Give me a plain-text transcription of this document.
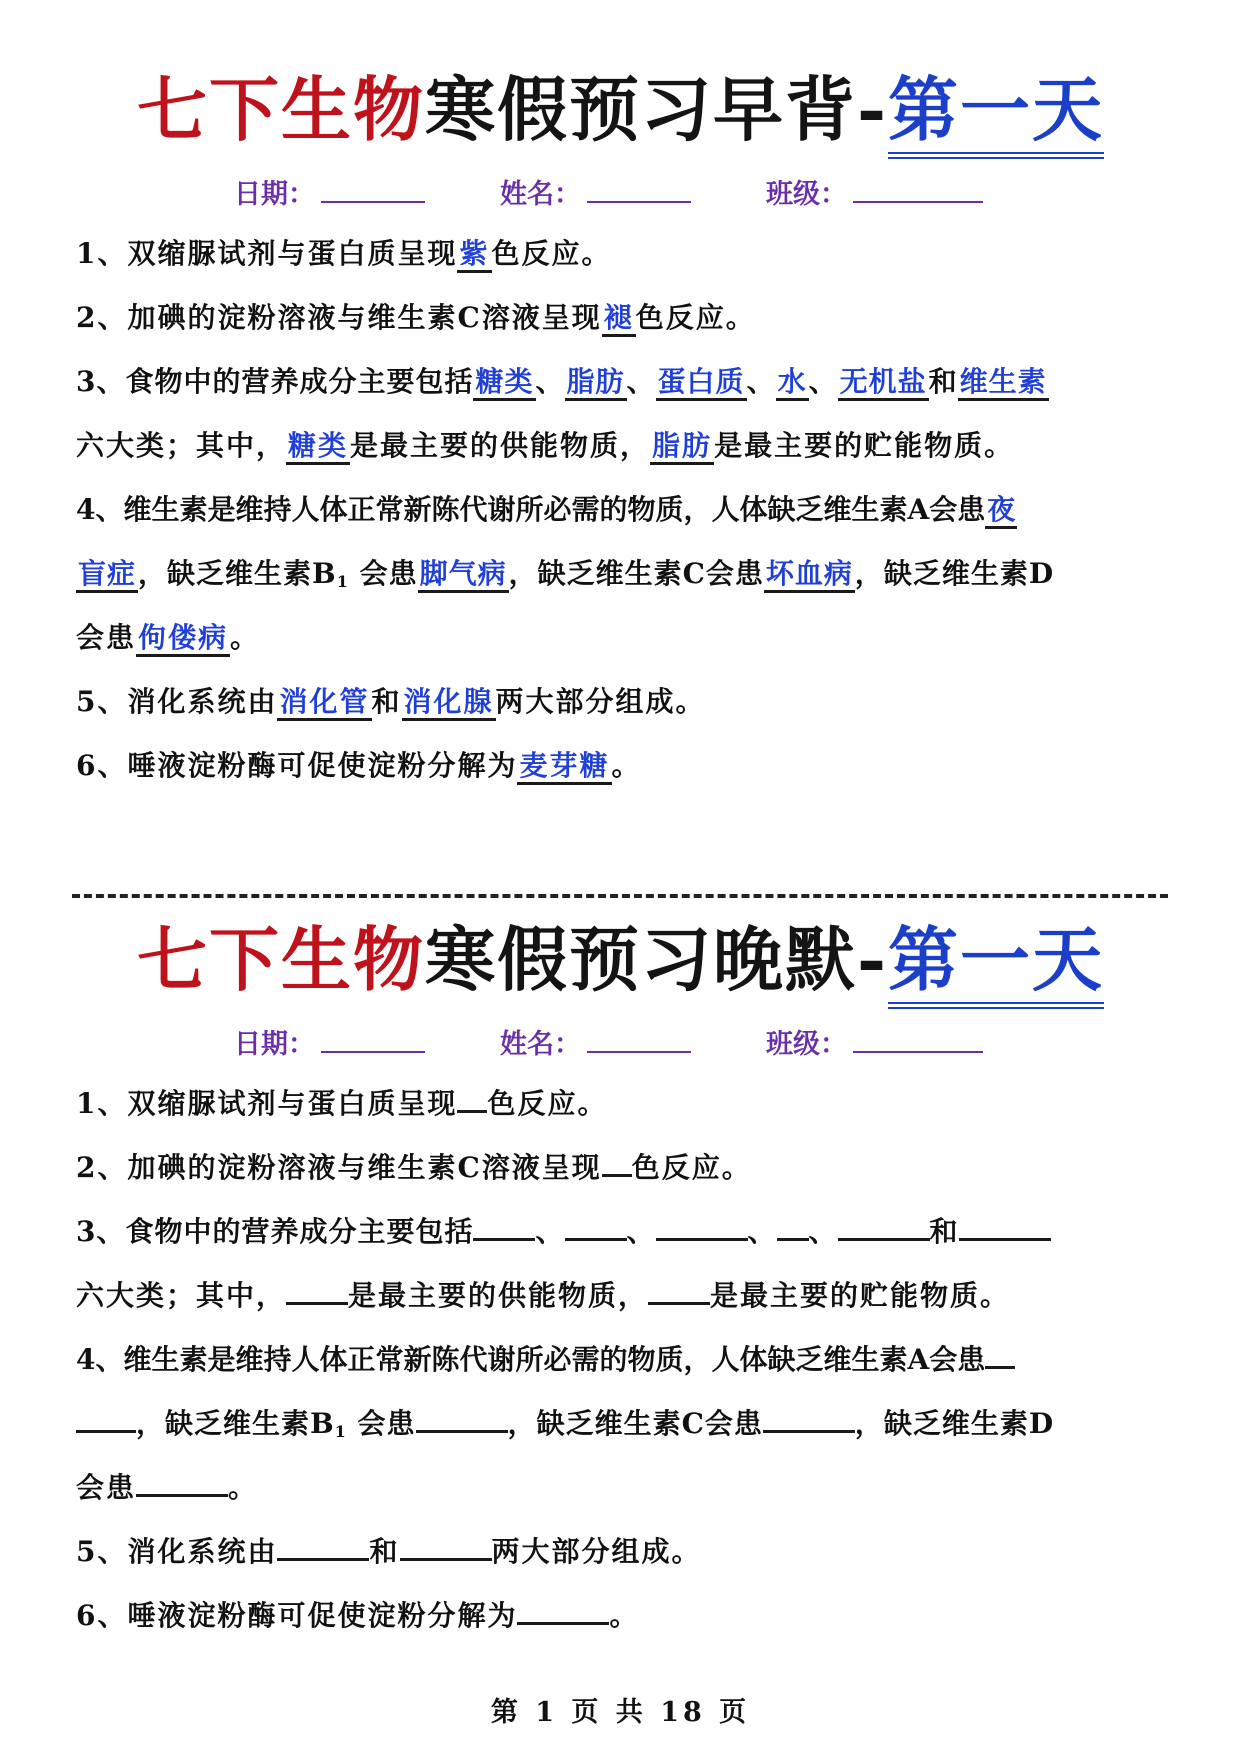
七下生物寒假预习早背-第一天
日期：	姓名：	班级：
1、双缩脲试剂与蛋白质呈现紫色反应。
2、加碘的淀粉溶液与维生素C溶液呈现褪色反应。
3、食物中的营养成分主要包括糖类、脂肪、蛋白质、水、无机盐和维生素
六大类；其中，糖类是最主要的供能物质，脂肪是最主要的贮能物质。
4、维生素是维持人体正常新陈代谢所必需的物质，人体缺乏维生素A会患夜
盲症，缺乏维生素$B_1$ 会患脚气病，缺乏维生素C会患坏血病，缺乏维生素D
会患佝偻病。
5、消化系统由消化管和消化腺两大部分组成。
6、唾液淀粉酶可促使淀粉分解为麦芽糖。
七下生物寒假预习晚默-第一天
日期：	姓名：	班级：
1、双缩脲试剂与蛋白质呈现 色反应。
2、加碘的淀粉溶液与维生素C溶液呈现 色反应。
3、食物中的营养成分主要包括 、 、	、 、	和
六大类；其中， 是最主要的供能物质， 是最主要的贮能物质。
4、维生素是维持人体正常新陈代谢所必需的物质，人体缺乏维生素A会患
，缺乏维生素$B_1$ 会患	，缺乏维生素C会患	，缺乏维生素D
会患	。
5、消化系统由	和	两大部分组成。
6、唾液淀粉酶可促使淀粉分解为	。
第 1 页 共 18 页
